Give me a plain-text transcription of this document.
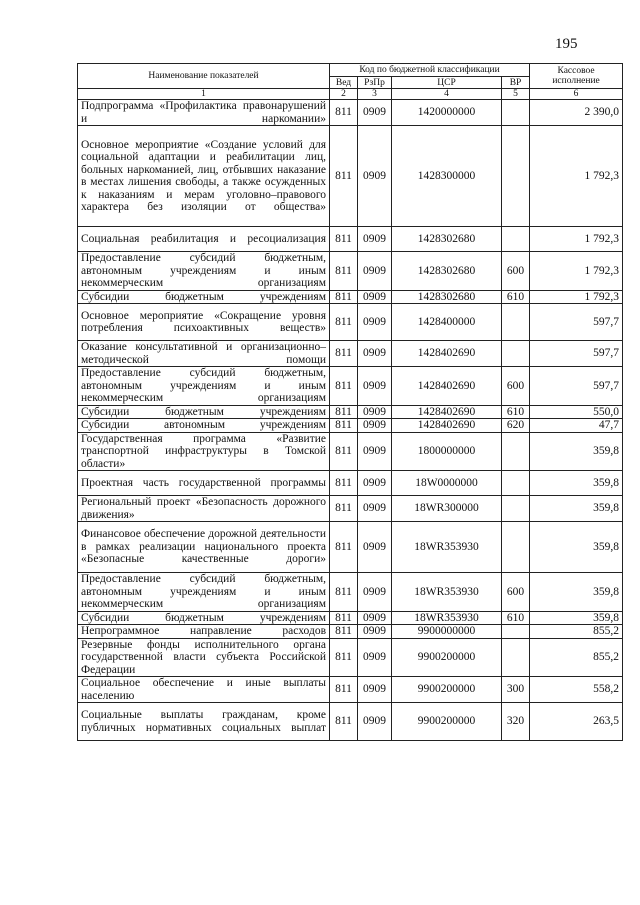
195
Наименование показателей	Код по бюджетной классификации				Кассовое исполнение
	Вед	РзПр	ЦСР	ВР	
1	2	3	4	5	6
Подпрограмма «Профилактика правонарушений и наркомании»	811	0909	1420000000		2 390,0
Основное мероприятие «Создание условий для социальной адаптации и реабилитации лиц, больных наркоманией, лиц, отбывших наказание в местах лишения свободы, а также осужденных к наказаниям и мерам уголовно–правового характера без изоляции от общества»	811	0909	1428300000		1 792,3
Социальная реабилитация и ресоциализация	811	0909	1428302680		1 792,3
Предоставление субсидий бюджетным, автономным учреждениям и иным некоммерческим организациям	811	0909	1428302680	600	1 792,3
Субсидии бюджетным учреждениям	811	0909	1428302680	610	1 792,3
Основное мероприятие «Сокращение уровня потребления психоактивных веществ»	811	0909	1428400000		597,7
Оказание консультативной и организационно–методической помощи	811	0909	1428402690		597,7
Предоставление субсидий бюджетным, автономным учреждениям и иным некоммерческим организациям	811	0909	1428402690	600	597,7
Субсидии бюджетным учреждениям	811	0909	1428402690	610	550,0
Субсидии автономным учреждениям	811	0909	1428402690	620	47,7
Государственная программа «Развитие транспортной инфраструктуры в Томской области»	811	0909	1800000000		359,8
Проектная часть государственной программы	811	0909	18W0000000		359,8
Региональный проект «Безопасность дорожного движения»	811	0909	18WR300000		359,8
Финансовое обеспечение дорожной деятельности в рамках реализации национального проекта «Безопасные качественные дороги»	811	0909	18WR353930		359,8
Предоставление субсидий бюджетным, автономным учреждениям и иным некоммерческим организациям	811	0909	18WR353930	600	359,8
Субсидии бюджетным учреждениям	811	0909	18WR353930	610	359,8
Непрограммное направление расходов	811	0909	9900000000		855,2
Резервные фонды исполнительного органа государственной власти субъекта Российской Федерации	811	0909	9900200000		855,2
Социальное обеспечение и иные выплаты населению	811	0909	9900200000	300	558,2
Социальные выплаты гражданам, кроме публичных нормативных социальных выплат	811	0909	9900200000	320	263,5
